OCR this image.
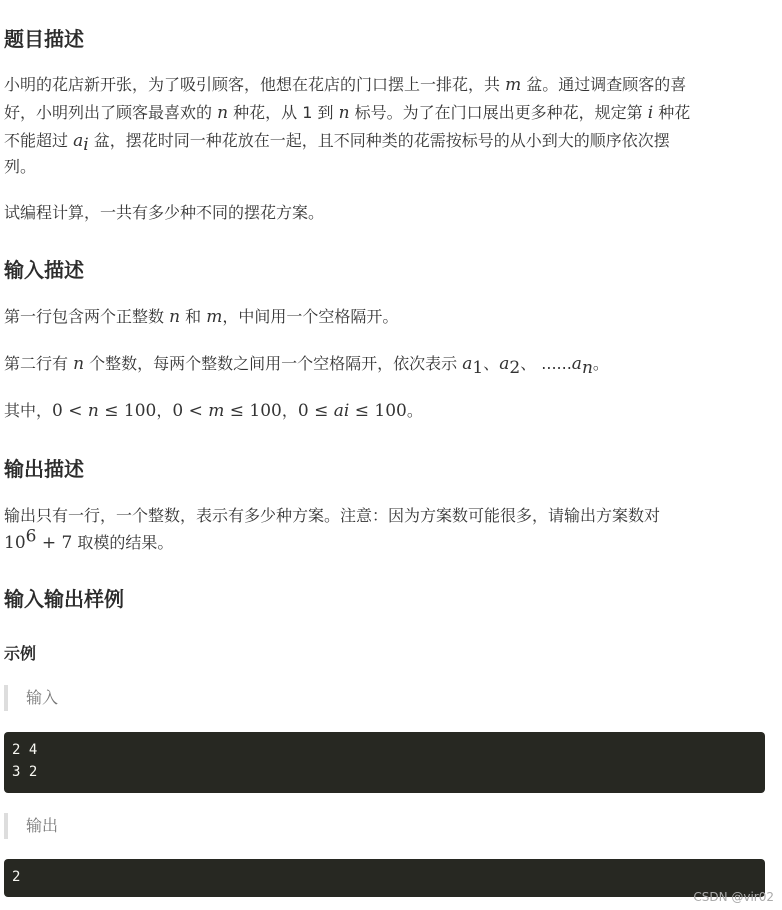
题目描述
小明的花店新开张，为了吸引顾客，他想在花店的门口摆上一排花，共 m 盆。通过调查顾客的喜
好，小明列出了顾客最喜欢的 n 种花，从 1 到 n 标号。为了在门口展出更多种花，规定第 i 种花
不能超过 $a_i$ 盆，摆花时同一种花放在一起，且不同种类的花需按标号的从小到大的顺序依次摆
列。
试编程计算，一共有多少种不同的摆花方案。
输入描述
第一行包含两个正整数 n 和 m，中间用一个空格隔开。
第二行有 n 个整数，每两个整数之间用一个空格隔开，依次表示 $a_1$、$a_2$、 $......a_n$。
其中，0 < n ≤ 100，0 < m ≤ 100，0 ≤ ai ≤ 100。
输出描述
输出只有一行，一个整数，表示有多少种方案。注意：因为方案数可能很多，请输出方案数对
$10^6 + 7$ 取模的结果。
输入输出样例
示例
输入
2 4
3 2
输出
2
CSDN @vir02
